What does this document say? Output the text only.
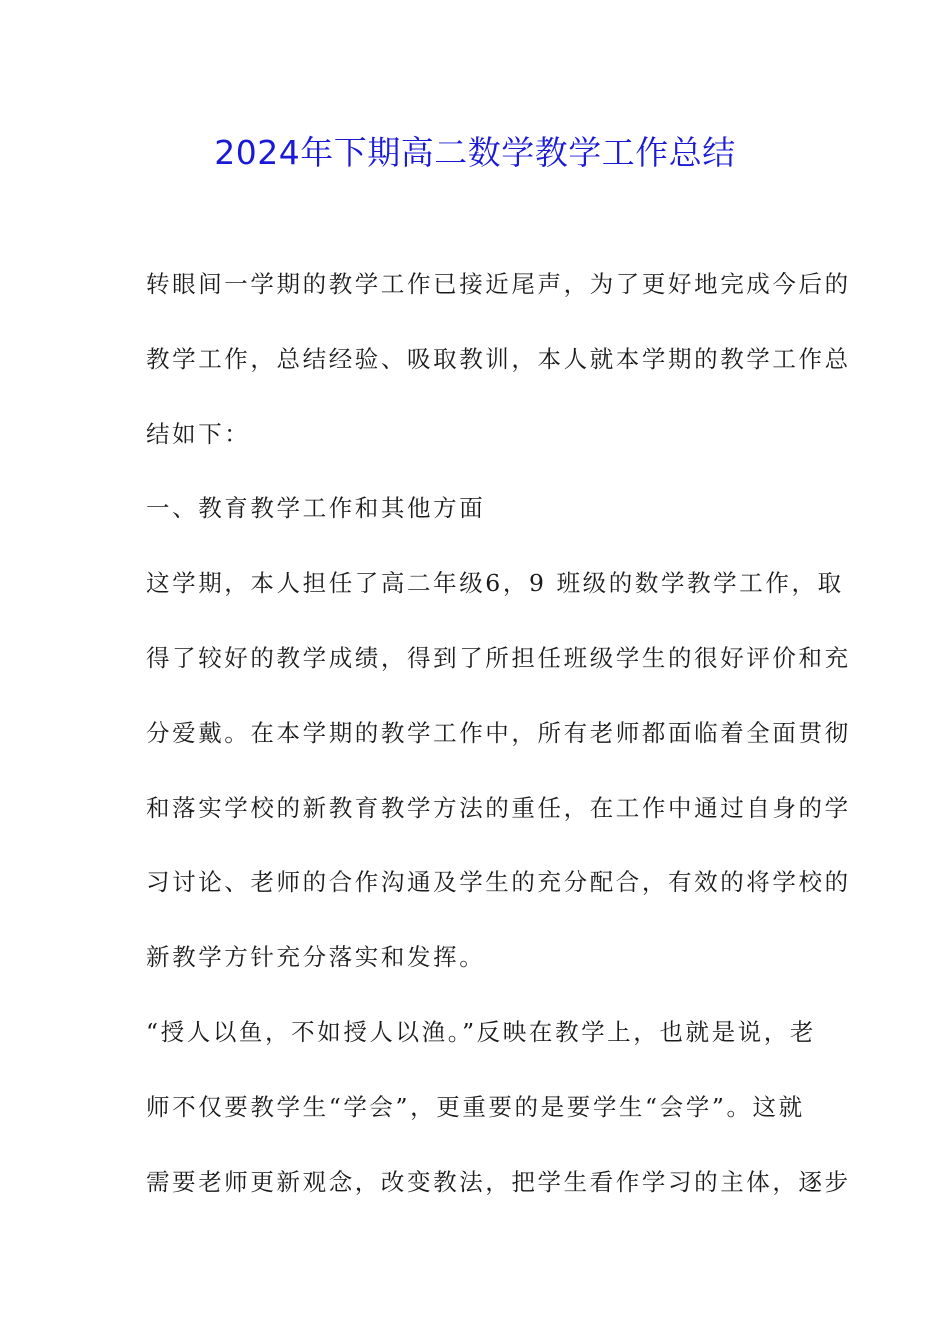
2024年下期高二数学教学工作总结
转眼间一学期的教学工作已接近尾声，为了更好地完成今后的
教学工作，总结经验、吸取教训，本人就本学期的教学工作总
结如下：
一、教育教学工作和其他方面
这学期，本人担任了高二年级6，9 班级的数学教学工作，取
得了较好的教学成绩，得到了所担任班级学生的很好评价和充
分爱戴。在本学期的教学工作中，所有老师都面临着全面贯彻
和落实学校的新教育教学方法的重任，在工作中通过自身的学
习讨论、老师的合作沟通及学生的充分配合，有效的将学校的
新教学方针充分落实和发挥。
“授人以鱼，不如授人以渔。”反映在教学上，也就是说，老
师不仅要教学生“学会”，更重要的是要学生“会学”。这就
需要老师更新观念，改变教法，把学生看作学习的主体，逐步
